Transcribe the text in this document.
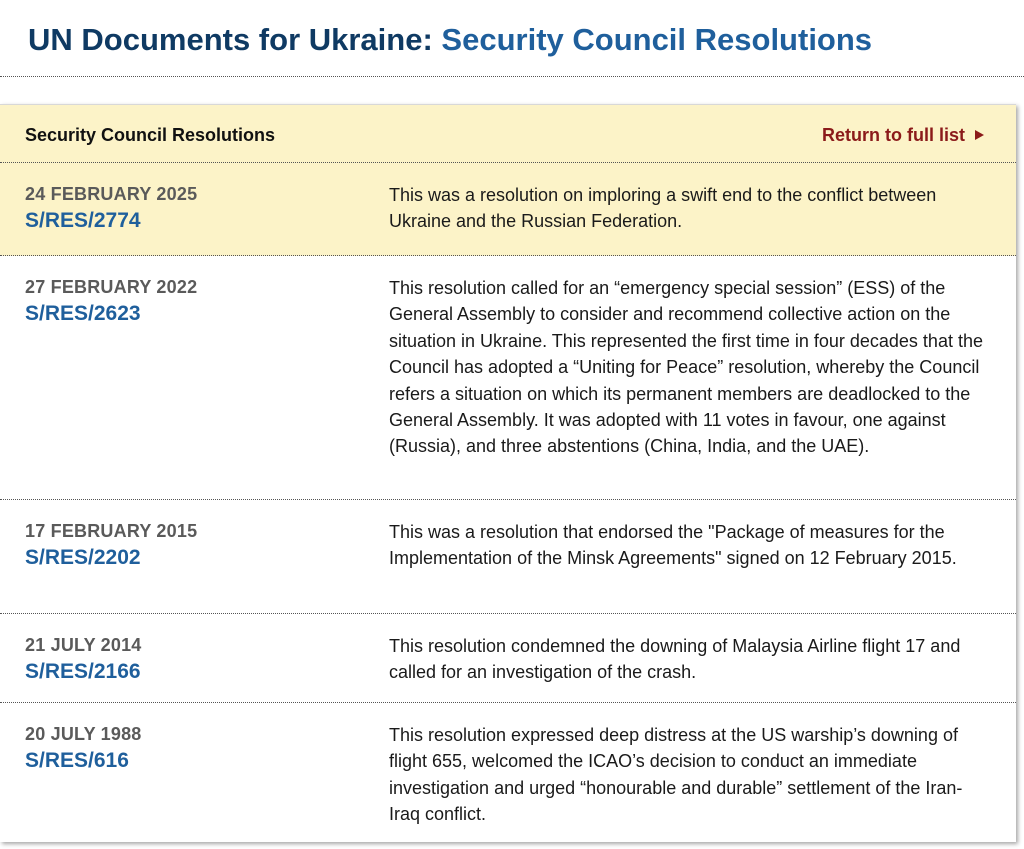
UN Documents for Ukraine: Security Council Resolutions
Security Council Resolutions	Return to full list
24 FEBRUARY 2025
S/RES/2774
This was a resolution on imploring a swift end to the conflict between Ukraine and the Russian Federation.
27 FEBRUARY 2022
S/RES/2623
This resolution called for an “emergency special session” (ESS) of the General Assembly to consider and recommend collective action on the situation in Ukraine. This represented the first time in four decades that the Council has adopted a “Uniting for Peace” resolution, whereby the Council refers a situation on which its permanent members are deadlocked to the General Assembly. It was adopted with 11 votes in favour, one against (Russia), and three abstentions (China, India, and the UAE).
17 FEBRUARY 2015
S/RES/2202
This was a resolution that endorsed the "Package of measures for the Implementation of the Minsk Agreements" signed on 12 February 2015.
21 JULY 2014
S/RES/2166
This resolution condemned the downing of Malaysia Airline flight 17 and called for an investigation of the crash.
20 JULY 1988
S/RES/616
This resolution expressed deep distress at the US warship’s downing of flight 655, welcomed the ICAO’s decision to conduct an immediate investigation and urged “honourable and durable” settlement of the Iran-Iraq conflict.
